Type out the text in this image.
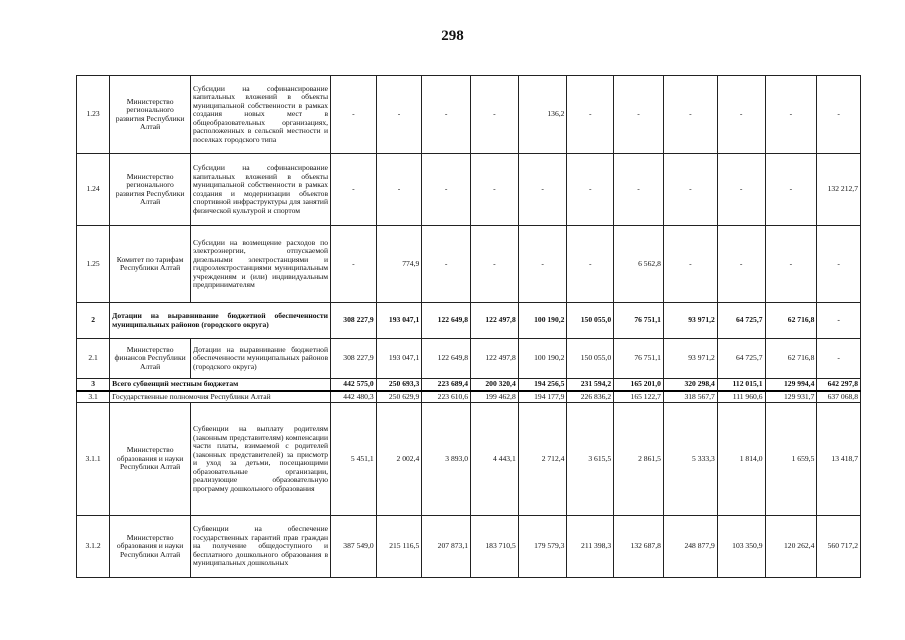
298
1.23	Министерство регионального развития Республики Алтай	Субсидии на софинансирование капитальных вложений в объекты муниципальной собственности в рамках создания новых мест в общеобразовательных организациях, расположенных в сельской местности и поселках городского типа	-	-	-	-	136,2	-	-	-	-	-	-
1.24	Министерство регионального развития Республики Алтай	Субсидии на софинансирование капитальных вложений в объекты муниципальной собственности в рамках создания и модернизации объектов спортивной инфраструктуры для занятий физической культурой и спортом	-	-	-	-	-	-	-	-	-	-	132 212,7
1.25	Комитет по тарифам Республики Алтай	Субсидии на возмещение расходов по электроэнергии, отпускаемой дизельными электростанциями и гидроэлектростанциями муниципальным учреждениям и (или) индивидуальным предпринимателям	-	774,9	-	-	-	-	6 562,8	-	-	-	-
2	Дотации на выравнивание бюджетной обеспеченности муниципальных районов (городского округа)		308 227,9	193 047,1	122 649,8	122 497,8	100 190,2	150 055,0	76 751,1	93 971,2	64 725,7	62 716,8	-
2.1	Министерство финансов Республики Алтай	Дотации на выравнивание бюджетной обеспеченности муниципальных районов (городского округа)	308 227,9	193 047,1	122 649,8	122 497,8	100 190,2	150 055,0	76 751,1	93 971,2	64 725,7	62 716,8	-
3	Всего субвенций местным бюджетам		442 575,0	250 693,3	223 689,4	200 320,4	194 256,5	231 594,2	165 201,0	320 298,4	112 015,1	129 994,4	642 297,8
3.1	Государственные полномочия Республики Алтай		442 480,3	250 629,9	223 610,6	199 462,8	194 177,9	226 836,2	165 122,7	318 567,7	111 960,6	129 931,7	637 068,8
3.1.1	Министерство образования и науки Республики Алтай	Субвенции на выплату родителям (законным представителям) компенсации части платы, взимаемой с родителей (законных представителей) за присмотр и уход за детьми, посещающими образовательные организации, реализующие образовательную программу дошкольного образования	5 451,1	2 002,4	3 893,0	4 443,1	2 712,4	3 615,5	2 861,5	5 333,3	1 814,0	1 659,5	13 418,7
3.1.2	Министерство образования и науки Республики Алтай	Субвенции на обеспечение государственных гарантий прав граждан на получение общедоступного и бесплатного дошкольного образования в муниципальных дошкольных	387 549,0	215 116,5	207 873,1	183 710,5	179 579,3	211 398,3	132 687,8	248 877,9	103 350,9	120 262,4	560 717,2
